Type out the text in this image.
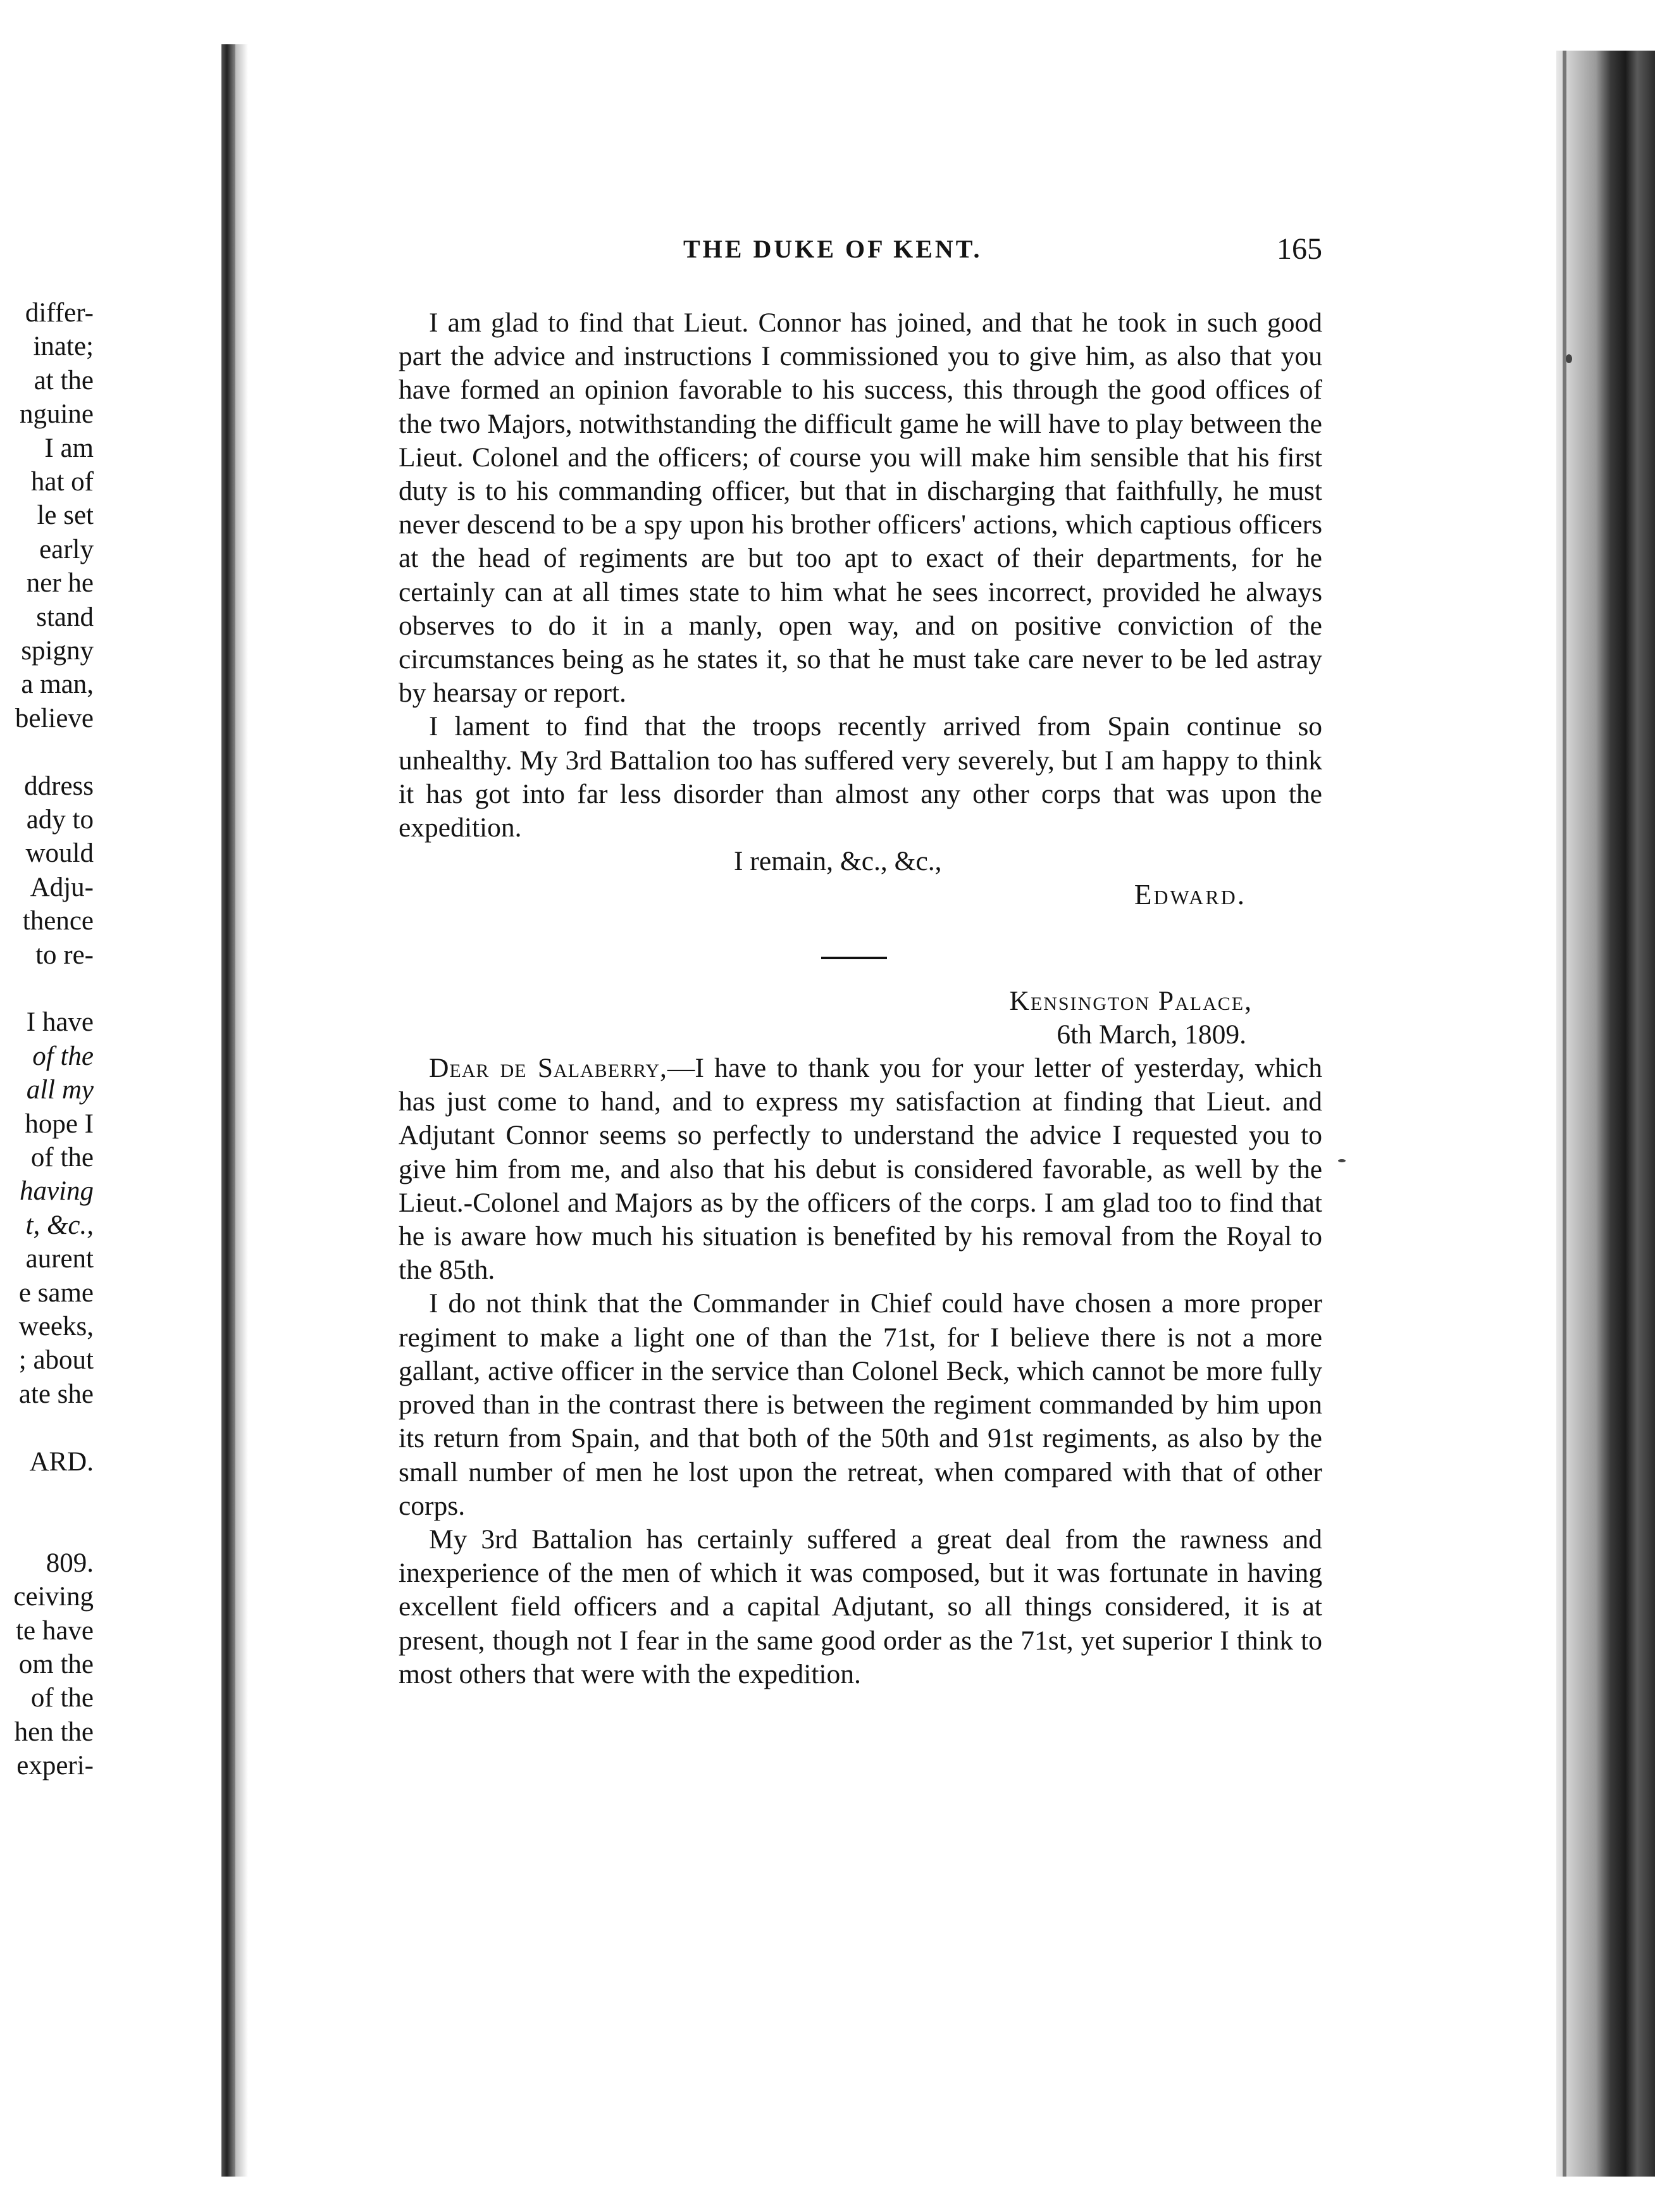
differ-
inate;
at the
nguine
I am
hat of
le set
early
ner he
stand
spigny
a man,
believe
ddress
ady to
would
Adju-
thence
to re-
I have
of the
all my
hope I
of the
having
t, &c.,
aurent
e same
weeks,
; about
ate she
ARD.
809.
ceiving
te have
om the
of the
hen the
experi-
THE DUKE OF KENT.	165

I am glad to find that Lieut. Connor has joined, and that he took in such good part the advice and instructions I commissioned you to give him, as also that you have formed an opinion favorable to his success, this through the good offices of the two Majors, notwithstanding the difficult game he will have to play between the Lieut. Colonel and the officers; of course you will make him sensible that his first duty is to his commanding officer, but that in discharging that faithfully, he must never descend to be a spy upon his brother officers' actions, which captious officers at the head of regiments are but too apt to exact of their departments, for he certainly can at all times state to him what he sees incorrect, provided he always observes to do it in a manly, open way, and on positive conviction of the circumstances being as he states it, so that he must take care never to be led astray by hearsay or report.

I lament to find that the troops recently arrived from Spain continue so unhealthy. My 3rd Battalion too has suffered very severely, but I am happy to think it has got into far less disorder than almost any other corps that was upon the expedition.

I remain, &c., &c.,

Edward.

Kensington Palace,

6th March, 1809.

Dear de Salaberry,—I have to thank you for your letter of yesterday, which has just come to hand, and to express my satisfaction at finding that Lieut. and Adjutant Connor seems so perfectly to understand the advice I requested you to give him from me, and also that his debut is considered favorable, as well by the Lieut.-Colonel and Majors as by the officers of the corps. I am glad too to find that he is aware how much his situation is benefited by his removal from the Royal to the 85th.

I do not think that the Commander in Chief could have chosen a more proper regiment to make a light one of than the 71st, for I believe there is not a more gallant, active officer in the service than Colonel Beck, which cannot be more fully proved than in the contrast there is between the regiment commanded by him upon its return from Spain, and that both of the 50th and 91st regiments, as also by the small number of men he lost upon the retreat, when compared with that of other corps.

My 3rd Battalion has certainly suffered a great deal from the rawness and inexperience of the men of which it was composed, but it was fortunate in having excellent field officers and a capital Adjutant, so all things considered, it is at present, though not I fear in the same good order as the 71st, yet superior I think to most others that were with the expedition.
